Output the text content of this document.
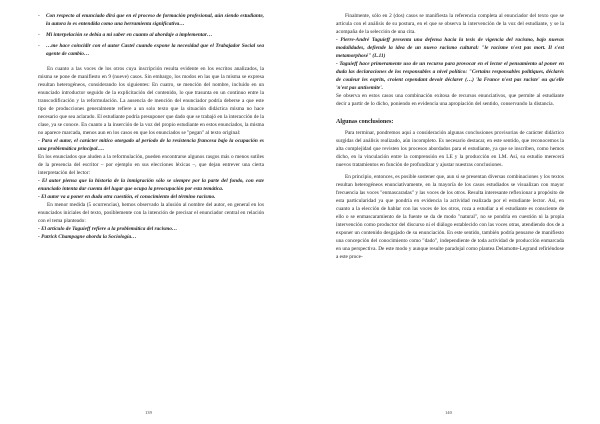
-	Con respecto al enunciado dirá que en el proceso de formación profesional, aún siendo estudiante, la autora lo es entendida como una herramienta significativa…
-	Mi interpelación se debía a mi saber en cuanto al abordaje a implementar…
-	…me hace coincidir con el autor Castel cuando expone la necesidad que el Trabajador Social sea agente de cambio…

En cuanto a las voces de los otros cuya inscripción resulta evidente en los escritos analizados, la misma se pone de manifiesto en 9 (nueve) casos. Sin embargo, los modos en las que la misma se expresa resultan heterogéneos, considerando los siguientes: En cuatro, se mención del nombre, incluido en un enunciado introductor seguido de la explicitación del contenido, lo que trasunta en un continuo entre la transcodificación y la reformulación. La ausencia de mención del enunciador podría deberse a que este tipo de producciones generalmente refiere a un solo texto que la situación didáctica misma no hace necesario que sea aclarado. El estudiante podría presuponer que dado que se trabajó en la interacción de la clase, ya se conoce. En cuanto a la inserción de la voz del propio estudiante en estos enunciados, la misma no aparece marcada, menos aun en los casos en que los enunciados se "pegan" al texto original:

- Para el autor, el carácter mítico otorgado al período de la resistencia francesa bajo la ocupación es una problemática principal….

En los enunciados que aluden a la reformulación, pueden encontrarse algunos rasgos más o menos sutiles de la presencia del escritor – por ejemplo en sus elecciones léxicas –, que dejan entrever una cierta interpretación del lector:

- El autor piensa que la historia de la inmigración sólo se siempre por la parte del fondo, con este enunciado intenta dar cuenta del lugar que ocupa la preocupación por esta temática.

- El autor va a poner en duda otra cuestión, el conocimiento del término racismo.

En menor medida (5 ocurrencias), hemos observado la alusión al nombre del autor, en general en los enunciados iniciales del texto, posiblemente con la intención de precisar el enunciador central en relación con el tema planteado:

- El artículo de Taguieff refiere a la problemática del racismo…

- Patrick Champagne aborda la Sociología…

139

Finalmente, sólo en 2 (dos) casos se manifiesta la referencia completa al enunciador del texto que se articula con el análisis de su postura, en el que se observa la intervención de la voz del estudiante, y se la acompaña de la selección de una cita.

- Pierre-André Taguieff presenta una defensa hacia la tesis de vigencia del racismo, bajo nuevas modalidades, defiende la idea de un nuevo racismo cultural: "le racisme n'est pas mort. Il s'est metamorphosé" (L.11)

- Taguieff hace primeramente uso de un recurso para provocar en el lector el pensamiento al poner en duda las declaraciones de los responsables a nivel político: "Certains responsables politiques, déclarés de couleur les esprits, croient cependant devoir déclarer (…) 'la France n'est pas raciste' ou qu'elle 'n'est pas antisemite'.

Se observa en estos casos una combinación exitosa de recursos enunciativos, que permite al estudiante decir a partir de lo dicho, poniendo en evidencia una apropiación del sentido, conservando la distancia.

Algunas conclusiones:

Para terminar, pondremos aquí a consideración algunas conclusiones provisorias de carácter didáctico surgidas del análisis realizado, aún incompleto. Es necesario destacar, en este sentido, que reconocemos la alta complejidad que revisten los procesos abordados para el estudiante, ya que se inscriben, como hemos dicho, en la vinculación entre la comprensión en LE y la producción en LM. Así, su estudio merecerá nuevos tratamientos en función de profundizar y ajustar nuestras conclusiones.

En principio, entonces, es posible sostener que, aun si se presentan diversas combinaciones y los textos resultan heterogéneos enunciativamente, en la mayoría de los casos estudiados se visualizan con mayor frecuencia las voces "enmascaradas" y las voces de los otros. Resulta interesante reflexionar a propósito de esta particularidad ya que pondría en evidencia la actividad realizada por el estudiante lector. Así, en cuanto a la elección de hablar con las voces de los otros, roza a estudiar a el estudiante es consciente de ello o se enmascaramiento de la fuente se da de modo "natural", no se pondría en cuestión ni la propia intervención como productor del discurso ni el diálogo establecido con las voces otras, atendiendo dos de a exponer un contenido desgajado de su enunciación. En este sentido, también podría pensarse de manifiesto una concepción del conocimiento como "dado", independiente de toda actividad de producción enmarcada en una perspectiva. De este modo y aunque resulte paradojal como plantea Delamotte-Legrand refiriéndose a este proce-

140
